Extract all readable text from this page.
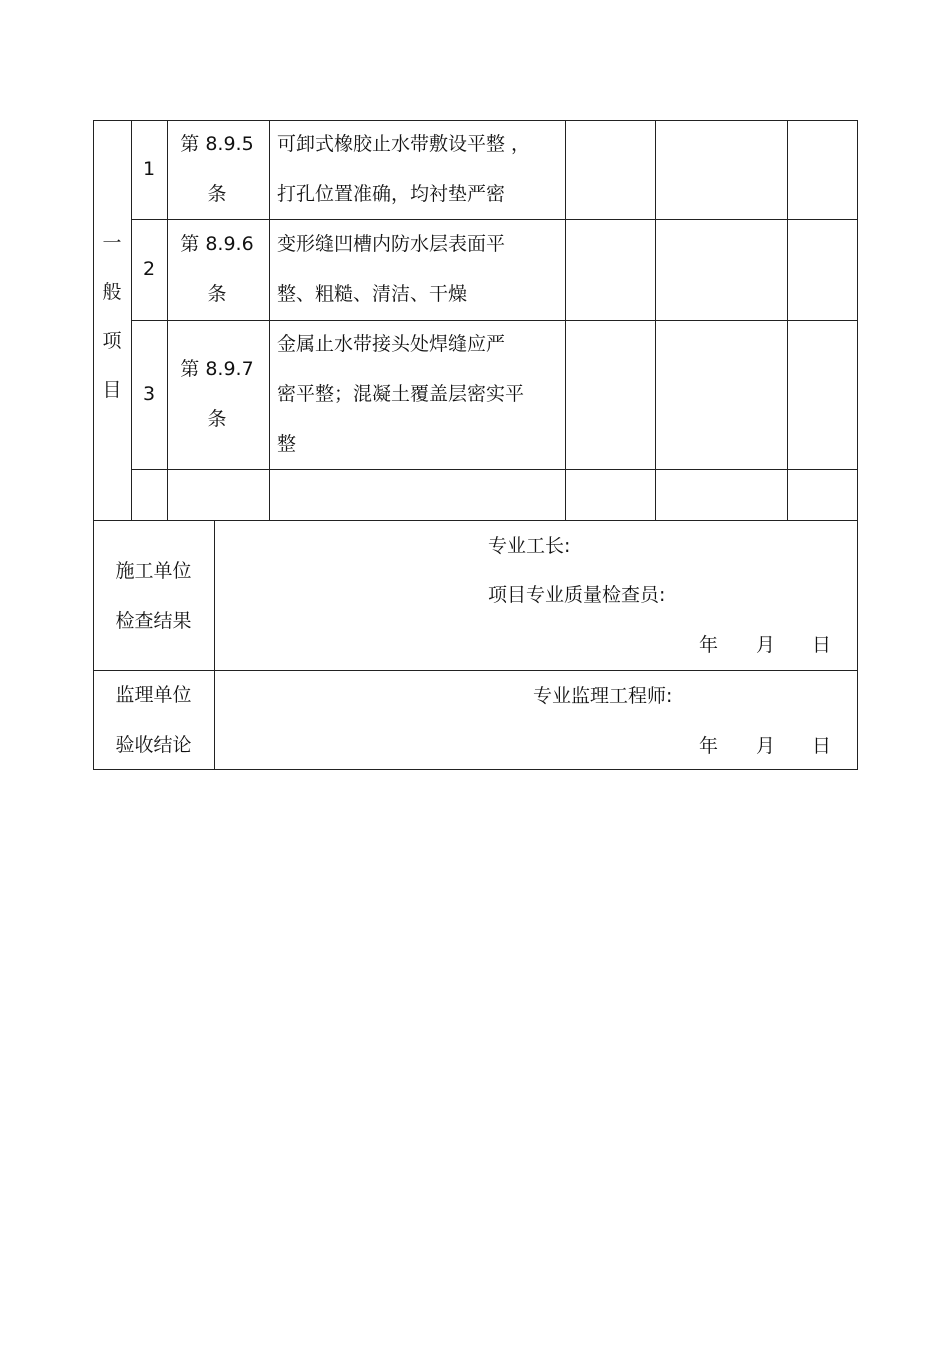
一
般
项
目
1
第 8.9.5
条
可卸式橡胶止水带敷设平整 ，
打孔位置准确，均衬垫严密
2
第 8.9.6
条
变形缝凹槽内防水层表面平
整、粗糙、清洁、干燥
3
第 8.9.7
条
金属止水带接头处焊缝应严
密平整；混凝土覆盖层密实平
整
施工单位
检查结果
专业工长:
项目专业质量检查员:
年 月 日
监理单位
验收结论
专业监理工程师:
年 月 日
